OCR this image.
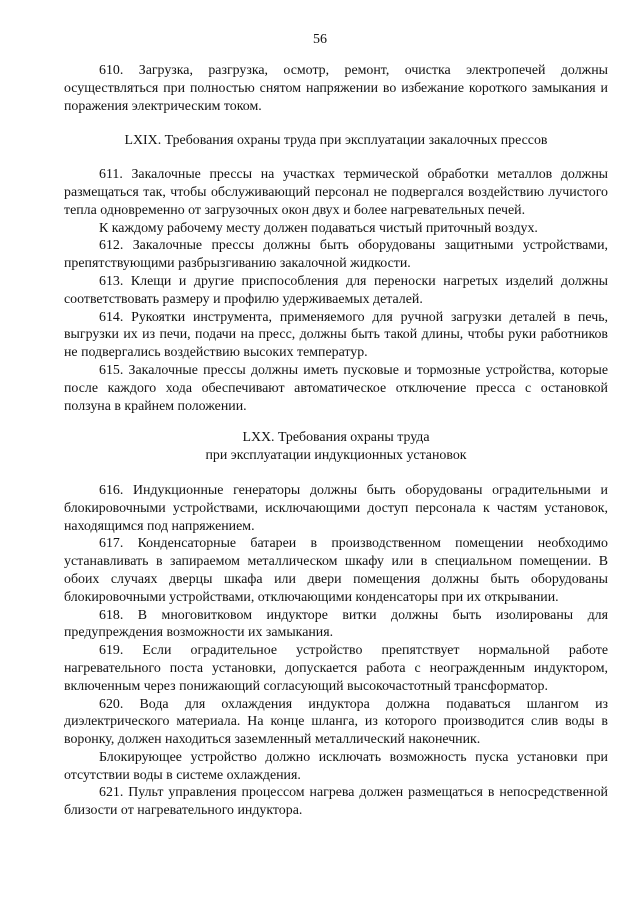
56

610. Загрузка, разгрузка, осмотр, ремонт, очистка электропечей должны осуществляться при полностью снятом напряжении во избежание короткого замыкания и поражения электрическим током.

LXIX. Требования охраны труда при эксплуатации закалочных прессов

611. Закалочные прессы на участках термической обработки металлов должны размещаться так, чтобы обслуживающий персонал не подвергался воздействию лучистого тепла одновременно от загрузочных окон двух и более нагревательных печей.

К каждому рабочему месту должен подаваться чистый приточный воздух.

612. Закалочные прессы должны быть оборудованы защитными устройствами, препятствующими разбрызгиванию закалочной жидкости.

613. Клещи и другие приспособления для переноски нагретых изделий должны соответствовать размеру и профилю удерживаемых деталей.

614. Рукоятки инструмента, применяемого для ручной загрузки деталей в печь, выгрузки их из печи, подачи на пресс, должны быть такой длины, чтобы руки работников не подвергались воздействию высоких температур.

615. Закалочные прессы должны иметь пусковые и тормозные устройства, которые после каждого хода обеспечивают автоматическое отключение пресса с остановкой ползуна в крайнем положении.

LXX. Требования охраны труда

при эксплуатации индукционных установок

616. Индукционные генераторы должны быть оборудованы оградительными и блокировочными устройствами, исключающими доступ персонала к частям установок, находящимся под напряжением.

617. Конденсаторные батареи в производственном помещении необходимо устанавливать в запираемом металлическом шкафу или в специальном помещении. В обоих случаях дверцы шкафа или двери помещения должны быть оборудованы блокировочными устройствами, отключающими конденсаторы при их открывании.

618. В многовитковом индукторе витки должны быть изолированы для предупреждения возможности их замыкания.

619. Если оградительное устройство препятствует нормальной работе нагревательного поста установки, допускается работа с неогражденным индуктором, включенным через понижающий согласующий высокочастотный трансформатор.

620. Вода для охлаждения индуктора должна подаваться шлангом из диэлектрического материала. На конце шланга, из которого производится слив воды в воронку, должен находиться заземленный металлический наконечник.

Блокирующее устройство должно исключать возможность пуска установки при отсутствии воды в системе охлаждения.

621. Пульт управления процессом нагрева должен размещаться в непосредственной близости от нагревательного индуктора.
